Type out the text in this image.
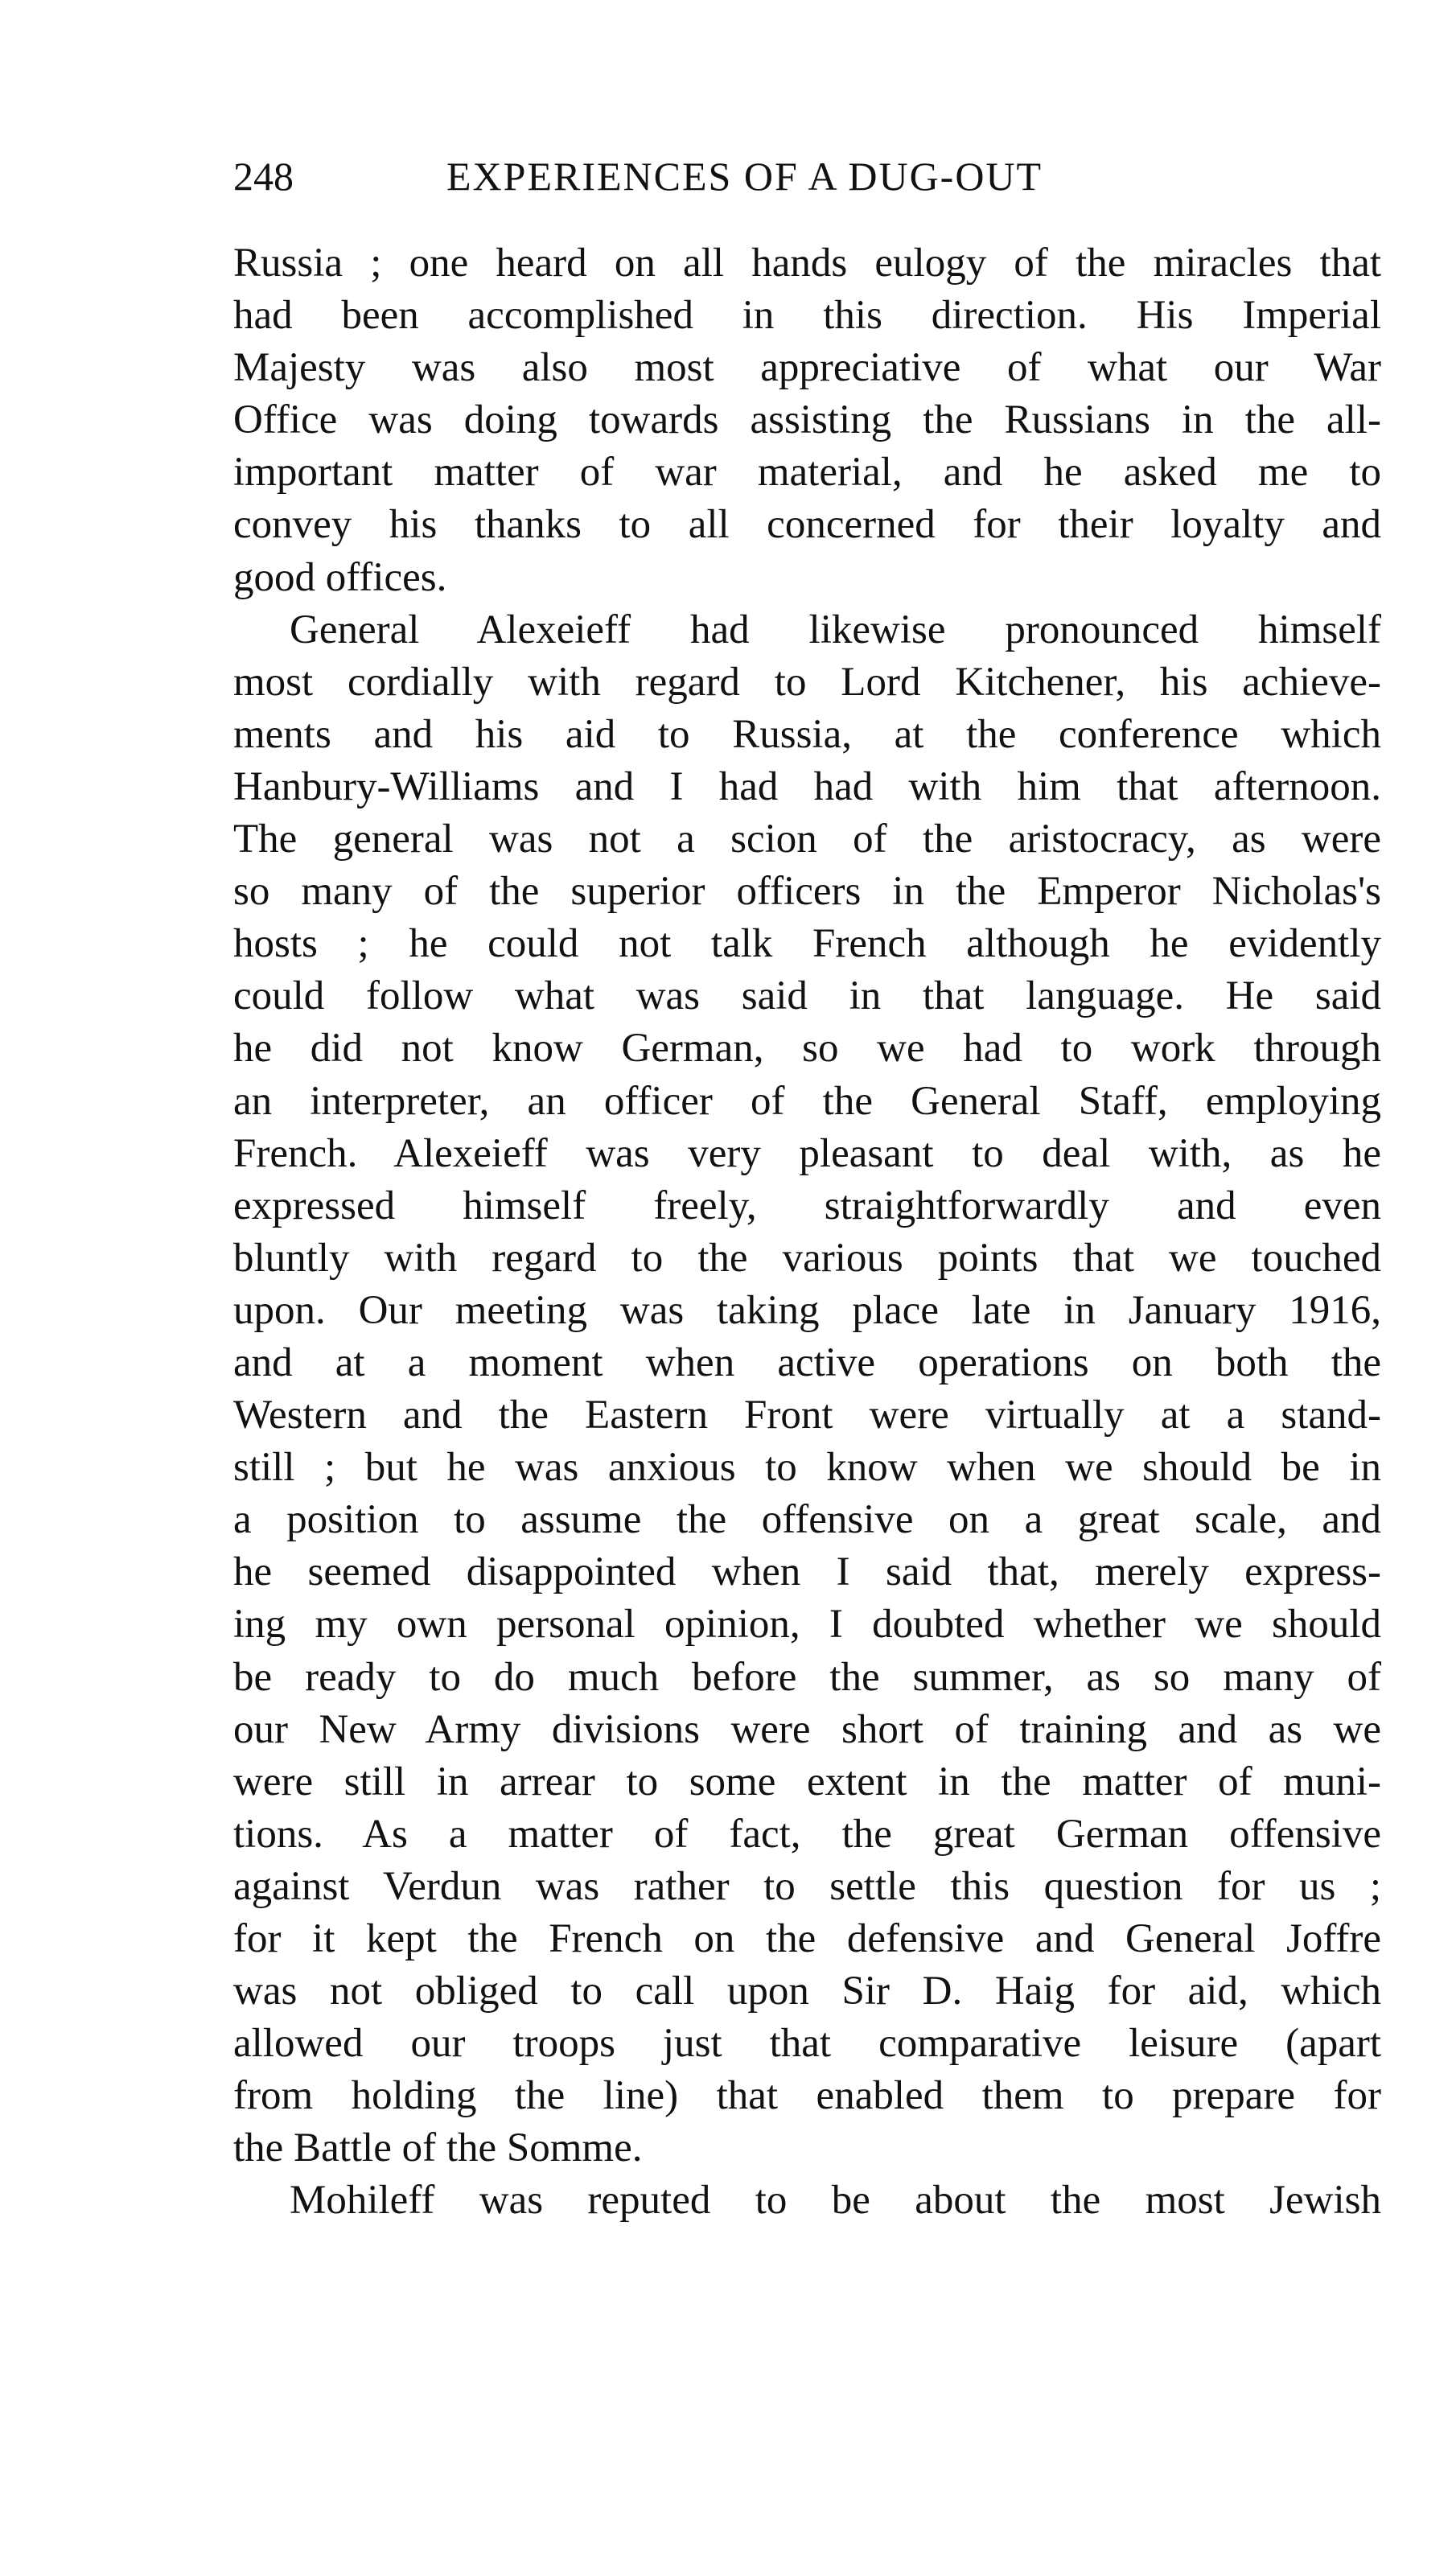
248	EXPERIENCES OF A DUG-OUT
Russia ; one heard on all hands eulogy of the miracles that
had been accomplished in this direction. His Imperial
Majesty was also most appreciative of what our War
Office was doing towards assisting the Russians in the all-
important matter of war material, and he asked me to
convey his thanks to all concerned for their loyalty and
good offices.
General Alexeieff had likewise pronounced himself
most cordially with regard to Lord Kitchener, his achieve-
ments and his aid to Russia, at the conference which
Hanbury-Williams and I had had with him that afternoon.
The general was not a scion of the aristocracy, as were
so many of the superior officers in the Emperor Nicholas's
hosts ; he could not talk French although he evidently
could follow what was said in that language. He said
he did not know German, so we had to work through
an interpreter, an officer of the General Staff, employing
French. Alexeieff was very pleasant to deal with, as he
expressed himself freely, straightforwardly and even
bluntly with regard to the various points that we touched
upon. Our meeting was taking place late in January 1916,
and at a moment when active operations on both the
Western and the Eastern Front were virtually at a stand-
still ; but he was anxious to know when we should be in
a position to assume the offensive on a great scale, and
he seemed disappointed when I said that, merely express-
ing my own personal opinion, I doubted whether we should
be ready to do much before the summer, as so many of
our New Army divisions were short of training and as we
were still in arrear to some extent in the matter of muni-
tions. As a matter of fact, the great German offensive
against Verdun was rather to settle this question for us ;
for it kept the French on the defensive and General Joffre
was not obliged to call upon Sir D. Haig for aid, which
allowed our troops just that comparative leisure (apart
from holding the line) that enabled them to prepare for
the Battle of the Somme.
Mohileff was reputed to be about the most Jewish
